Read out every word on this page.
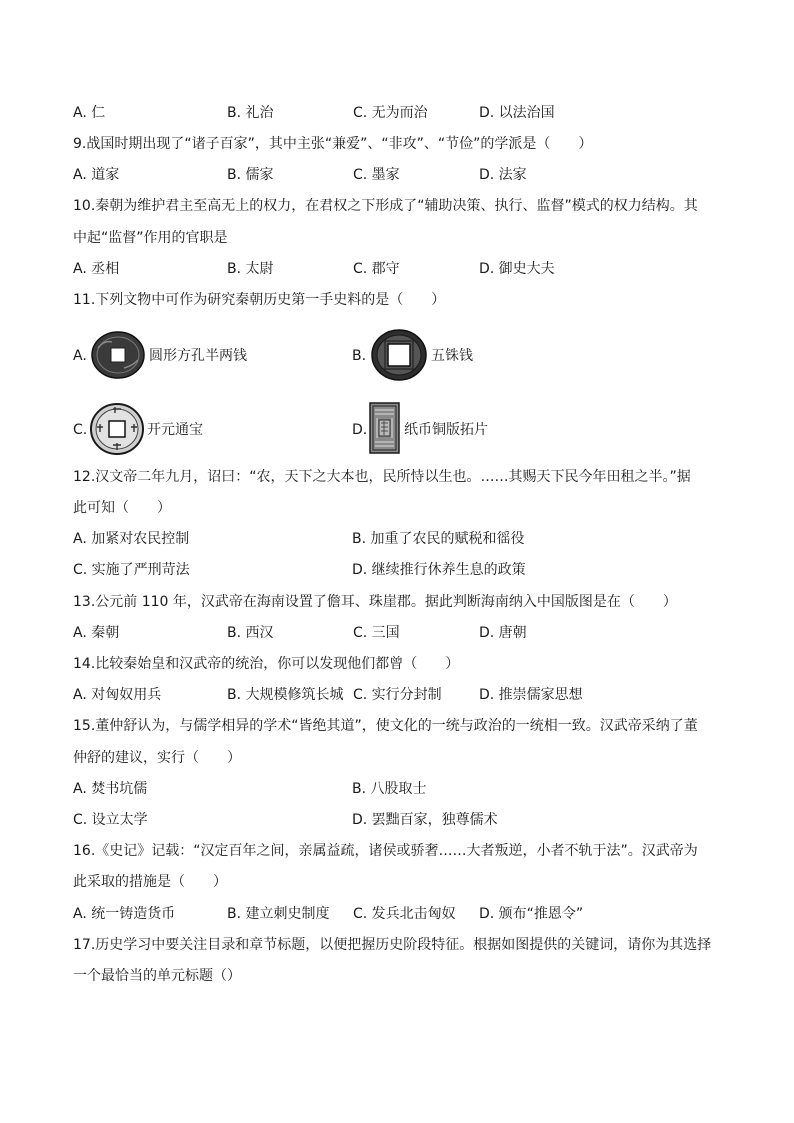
A. 仁	B. 礼治	C. 无为而治	D. 以法治国
9.战国时期出现了“诸子百家”，其中主张“兼爱”、“非攻”、“节俭”的学派是（　　）
A. 道家	B. 儒家	C. 墨家	D. 法家
10.秦朝为维护君主至高无上的权力，在君权之下形成了“辅助决策、执行、监督”模式的权力结构。其
中起“监督”作用的官职是
A. 丞相	B. 太尉	C. 郡守	D. 御史大夫
11.下列文物中可作为研究秦朝历史第一手史料的是（　　）
A.	圆形方孔半两钱	B.	五铢钱
C.	开元通宝	D.	纸币铜版拓片
12.汉文帝二年九月，诏曰：“农，天下之大本也，民所恃以生也。……其赐天下民今年田租之半。”据
此可知（　　）
A. 加紧对农民控制	B. 加重了农民的赋税和徭役
C. 实施了严刑苛法	D. 继续推行休养生息的政策
13.公元前 110 年，汉武帝在海南设置了儋耳、珠崖郡。据此判断海南纳入中国版图是在（　　）
A. 秦朝	B. 西汉	C. 三国	D. 唐朝
14.比较秦始皇和汉武帝的统治，你可以发现他们都曾（　　）
A. 对匈奴用兵	B. 大规模修筑长城 C. 实行分封制	D. 推崇儒家思想
15.董仲舒认为，与儒学相异的学术“皆绝其道”，使文化的一统与政治的一统相一致。汉武帝采纳了董
仲舒的建议，实行（　　）
A. 焚书坑儒	B. 八股取士
C. 设立太学	D. 罢黜百家，独尊儒术
16.《史记》记载：“汉定百年之间，亲属益疏，诸侯或骄奢……大者叛逆，小者不轨于法”。汉武帝为
此采取的措施是（　　）
A. 统一铸造货币	B. 建立刺史制度 C. 发兵北击匈奴 D. 颁布“推恩令”
17.历史学习中要关注目录和章节标题，以便把握历史阶段特征。根据如图提供的关键词，请你为其选择
一个最恰当的单元标题（）
